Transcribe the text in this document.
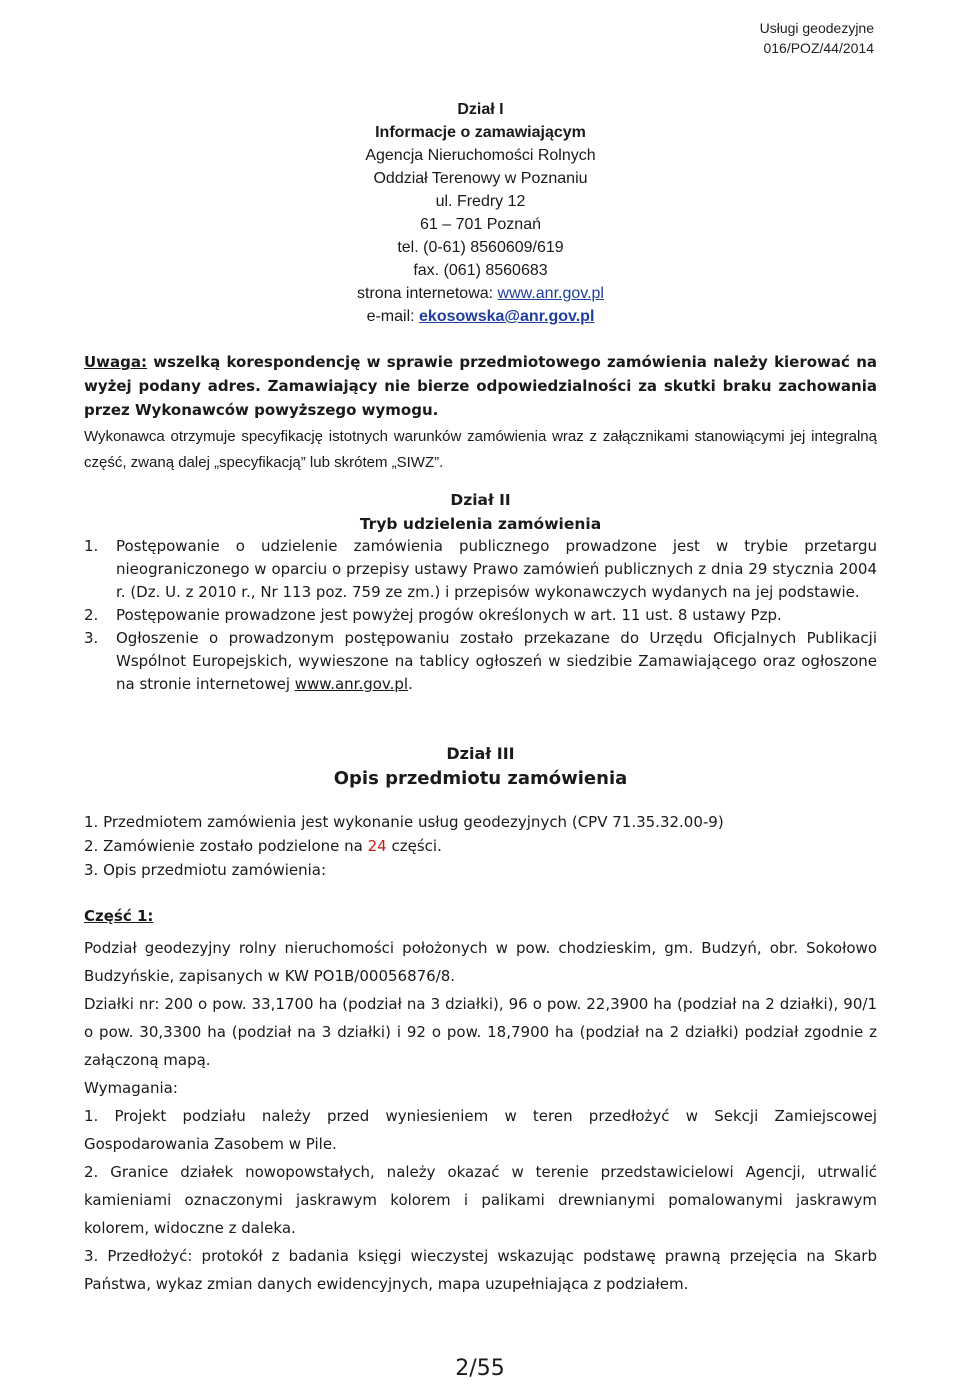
Usługi geodezyjne
016/POZ/44/2014
Dział I
Informacje o zamawiającym
Agencja Nieruchomości Rolnych
Oddział Terenowy w Poznaniu
ul. Fredry 12
61 – 701 Poznań
tel. (0-61) 8560609/619
fax. (061) 8560683
strona internetowa: www.anr.gov.pl
e-mail: ekosowska@anr.gov.pl
Uwaga: wszelką korespondencję w sprawie przedmiotowego zamówienia należy kierować na wyżej podany adres. Zamawiający nie bierze odpowiedzialności za skutki braku zachowania przez Wykonawców powyższego wymogu.
Wykonawca otrzymuje specyfikację istotnych warunków zamówienia wraz z załącznikami stanowiącymi jej integralną część, zwaną dalej „specyfikacją” lub skrótem „SIWZ”.
Dział II
Tryb udzielenia zamówienia
1. Postępowanie o udzielenie zamówienia publicznego prowadzone jest w trybie przetargu nieograniczonego w oparciu o przepisy ustawy Prawo zamówień publicznych z dnia 29 stycznia 2004 r. (Dz. U. z 2010 r., Nr 113 poz. 759 ze zm.) i przepisów wykonawczych wydanych na jej podstawie.
2. Postępowanie prowadzone jest powyżej progów określonych w art. 11 ust. 8 ustawy Pzp.
3. Ogłoszenie o prowadzonym postępowaniu zostało przekazane do Urzędu Oficjalnych Publikacji Wspólnot Europejskich, wywieszone na tablicy ogłoszeń w siedzibie Zamawiającego oraz ogłoszone na stronie internetowej www.anr.gov.pl.
Dział III
Opis przedmiotu zamówienia
1. Przedmiotem zamówienia jest wykonanie usług geodezyjnych (CPV 71.35.32.00-9)
2. Zamówienie zostało podzielone na 24 części.
3. Opis przedmiotu zamówienia:
Część 1:
Podział geodezyjny rolny nieruchomości położonych w pow. chodzieskim, gm. Budzyń, obr. Sokołowo Budzyńskie, zapisanych w KW PO1B/00056876/8.
Działki nr: 200 o pow. 33,1700 ha (podział na 3 działki), 96 o pow. 22,3900 ha (podział na 2 działki), 90/1 o pow. 30,3300 ha (podział na 3 działki) i 92 o pow. 18,7900 ha (podział na 2 działki) podział zgodnie z załączoną mapą.
Wymagania:
1. Projekt podziału należy przed wyniesieniem w teren przedłożyć w Sekcji Zamiejscowej Gospodarowania Zasobem w Pile.
2. Granice działek nowopowstałych, należy okazać w terenie przedstawicielowi Agencji, utrwalić kamieniami oznaczonymi jaskrawym kolorem i palikami drewnianymi pomalowanymi jaskrawym kolorem, widoczne z daleka.
3. Przedłożyć: protokół z badania księgi wieczystej wskazując podstawę prawną przejęcia na Skarb Państwa, wykaz zmian danych ewidencyjnych, mapa uzupełniająca z podziałem.
2/55
